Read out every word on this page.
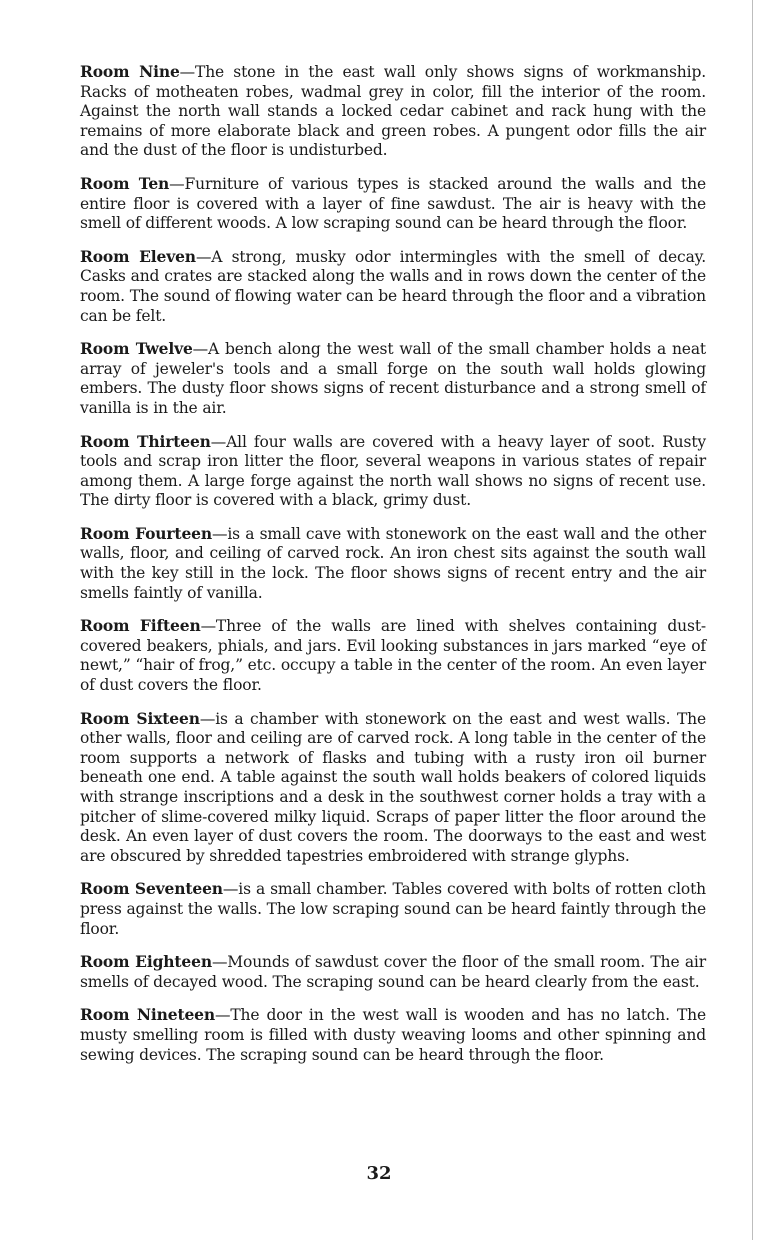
Room Nine—The stone in the east wall only shows signs of workmanship. Racks of motheaten robes, wadmal grey in color, fill the interior of the room. Against the north wall stands a locked cedar cabinet and rack hung with the remains of more elaborate black and green robes. A pungent odor fills the air and the dust of the floor is undisturbed.

Room Ten—Furniture of various types is stacked around the walls and the entire floor is covered with a layer of fine sawdust. The air is heavy with the smell of different woods. A low scraping sound can be heard through the floor.

Room Eleven—A strong, musky odor intermingles with the smell of decay. Casks and crates are stacked along the walls and in rows down the center of the room. The sound of flowing water can be heard through the floor and a vibration can be felt.

Room Twelve—A bench along the west wall of the small chamber holds a neat array of jeweler's tools and a small forge on the south wall holds glowing embers. The dusty floor shows signs of recent disturbance and a strong smell of vanilla is in the air.

Room Thirteen—All four walls are covered with a heavy layer of soot. Rusty tools and scrap iron litter the floor, several weapons in various states of repair among them. A large forge against the north wall shows no signs of recent use. The dirty floor is covered with a black, grimy dust.

Room Fourteen—is a small cave with stonework on the east wall and the other walls, floor, and ceiling of carved rock. An iron chest sits against the south wall with the key still in the lock. The floor shows signs of recent entry and the air smells faintly of vanilla.

Room Fifteen—Three of the walls are lined with shelves containing dust-covered beakers, phials, and jars. Evil looking substances in jars marked “eye of newt,” “hair of frog,” etc. occupy a table in the center of the room. An even layer of dust covers the floor.

Room Sixteen—is a chamber with stonework on the east and west walls. The other walls, floor and ceiling are of carved rock. A long table in the center of the room supports a network of flasks and tubing with a rusty iron oil burner beneath one end. A table against the south wall holds beakers of colored liquids with strange inscriptions and a desk in the southwest corner holds a tray with a pitcher of slime-covered milky liquid. Scraps of paper litter the floor around the desk. An even layer of dust covers the room. The doorways to the east and west are obscured by shredded tapestries embroidered with strange glyphs.

Room Seventeen—is a small chamber. Tables covered with bolts of rotten cloth press against the walls. The low scraping sound can be heard faintly through the floor.

Room Eighteen—Mounds of sawdust cover the floor of the small room. The air smells of decayed wood. The scraping sound can be heard clearly from the east.

Room Nineteen—The door in the west wall is wooden and has no latch. The musty smelling room is filled with dusty weaving looms and other spinning and sewing devices. The scraping sound can be heard through the floor.

32
